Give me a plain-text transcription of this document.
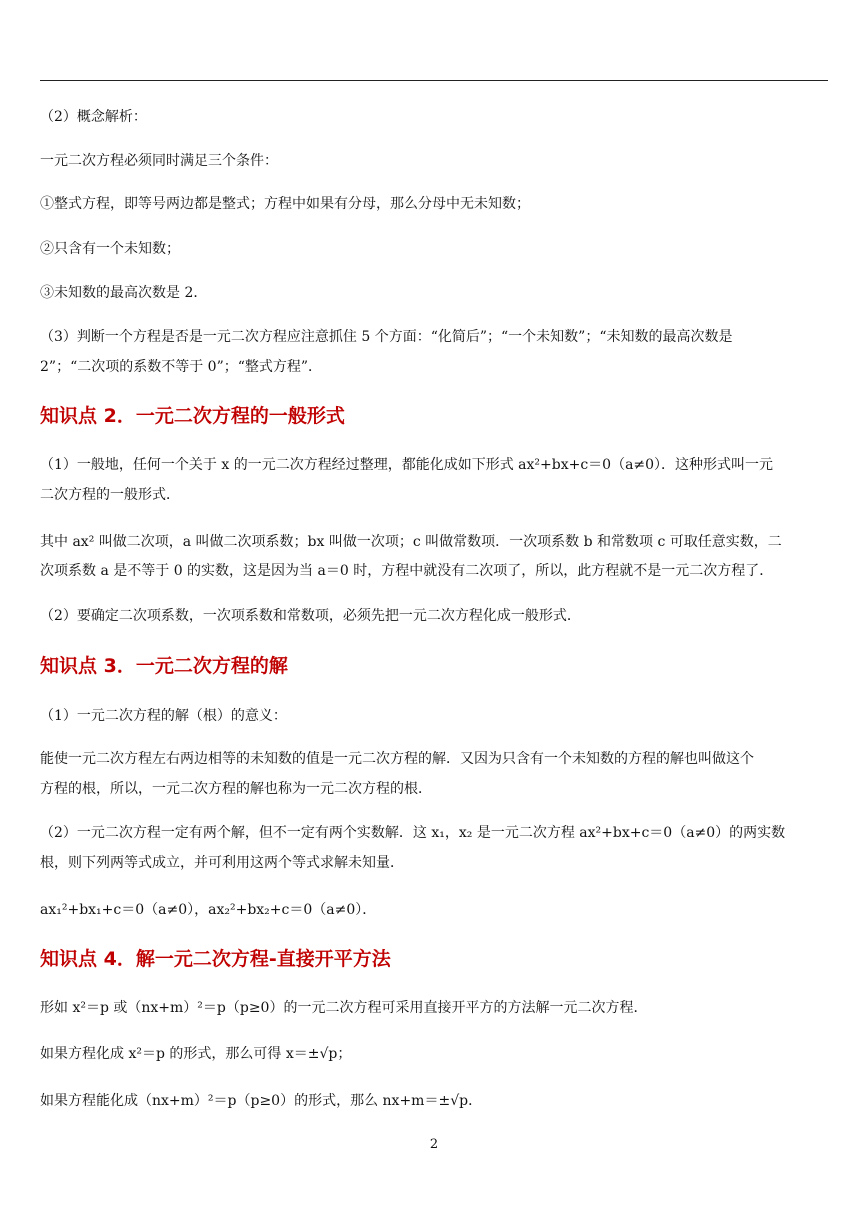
（2）概念解析：
一元二次方程必须同时满足三个条件：
①整式方程，即等号两边都是整式；方程中如果有分母，那么分母中无未知数；
②只含有一个未知数；
③未知数的最高次数是 2．
（3）判断一个方程是否是一元二次方程应注意抓住 5 个方面：“化简后”；“一个未知数”；“未知数的最高次数是
2”；“二次项的系数不等于 0”；“整式方程”．
知识点 2．一元二次方程的一般形式
（1）一般地，任何一个关于 x 的一元二次方程经过整理，都能化成如下形式 ax²+bx+c＝0（a≠0）．这种形式叫一元
二次方程的一般形式．
其中 ax² 叫做二次项，a 叫做二次项系数；bx 叫做一次项；c 叫做常数项．一次项系数 b 和常数项 c 可取任意实数，二
次项系数 a 是不等于 0 的实数，这是因为当 a＝0 时，方程中就没有二次项了，所以，此方程就不是一元二次方程了．
（2）要确定二次项系数，一次项系数和常数项，必须先把一元二次方程化成一般形式．
知识点 3．一元二次方程的解
（1）一元二次方程的解（根）的意义：
能使一元二次方程左右两边相等的未知数的值是一元二次方程的解．又因为只含有一个未知数的方程的解也叫做这个
方程的根，所以，一元二次方程的解也称为一元二次方程的根．
（2）一元二次方程一定有两个解，但不一定有两个实数解．这 x₁，x₂ 是一元二次方程 ax²+bx+c＝0（a≠0）的两实数
根，则下列两等式成立，并可利用这两个等式求解未知量．
ax₁²+bx₁+c＝0（a≠0），ax₂²+bx₂+c＝0（a≠0）．
知识点 4．解一元二次方程-直接开平方法
形如 x²＝p 或（nx+m）²＝p（p≥0）的一元二次方程可采用直接开平方的方法解一元二次方程．
如果方程化成 x²＝p 的形式，那么可得 x＝±√p；
如果方程能化成（nx+m）²＝p（p≥0）的形式，那么 nx+m＝±√p．
2
